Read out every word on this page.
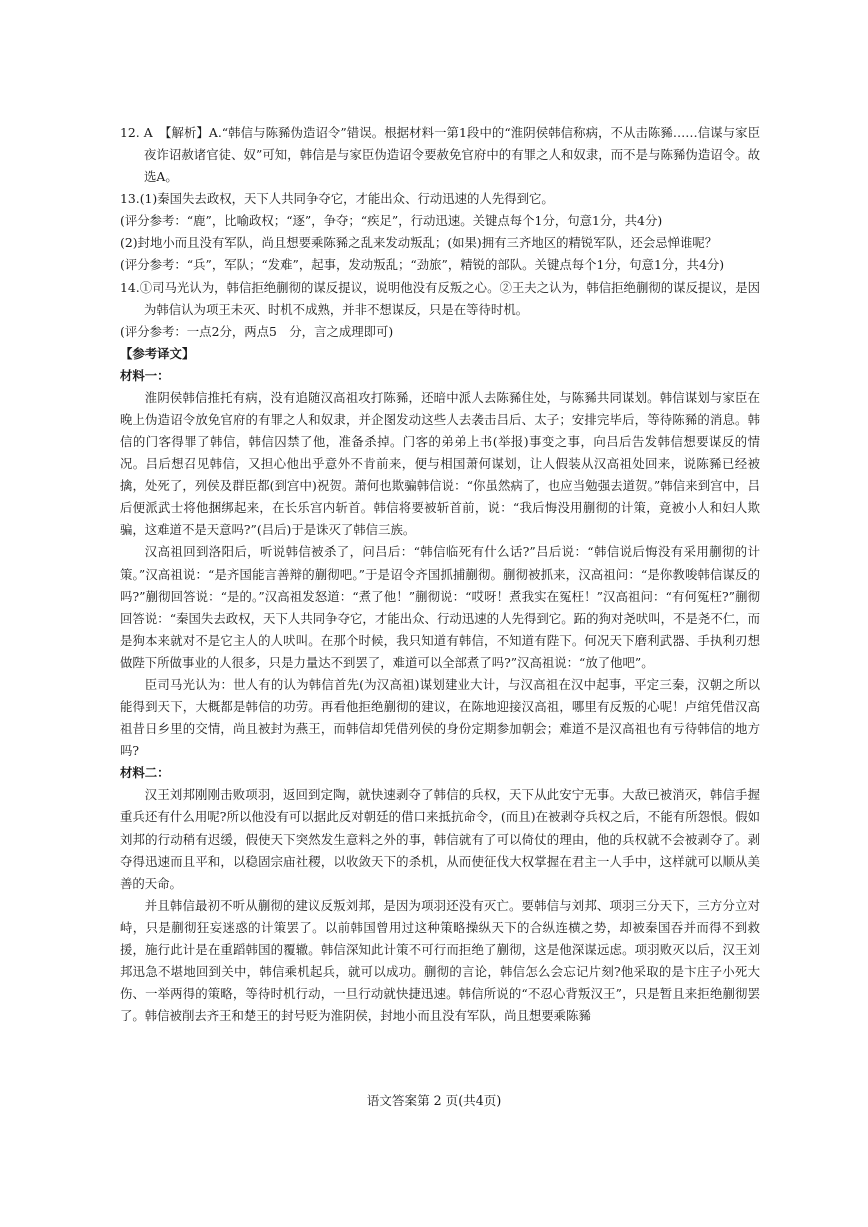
12. A　【解析】A.“韩信与陈豨伪造诏令”错误。根据材料一第1段中的“淮阴侯韩信称病，不从击陈豨……信谋与家臣夜诈诏赦诸官徒、奴”可知，韩信是与家臣伪造诏令要赦免官府中的有罪之人和奴隶，而不是与陈豨伪造诏令。故选A。

13.(1)秦国失去政权，天下人共同争夺它，才能出众、行动迅速的人先得到它。

(评分参考：“鹿”，比喻政权；“逐”，争夺；“疾足”，行动迅速。关键点每个1分，句意1分，共4分)

(2)封地小而且没有军队，尚且想要乘陈豨之乱来发动叛乱；(如果)拥有三齐地区的精锐军队，还会忌惮谁呢？

(评分参考：“兵”，军队；“发难”，起事，发动叛乱；“劲旅”，精锐的部队。关键点每个1分，句意1分，共4分)

14.①司马光认为，韩信拒绝蒯彻的谋反提议，说明他没有反叛之心。②王夫之认为，韩信拒绝蒯彻的谋反提议，是因为韩信认为项王未灭、时机不成熟，并非不想谋反，只是在等待时机。

(评分参考：一点2分，两点5　分，言之成理即可)

【参考译文】

材料一：

淮阴侯韩信推托有病，没有追随汉高祖攻打陈豨，还暗中派人去陈豨住处，与陈豨共同谋划。韩信谋划与家臣在晚上伪造诏令放免官府的有罪之人和奴隶，并企图发动这些人去袭击吕后、太子；安排完毕后，等待陈豨的消息。韩信的门客得罪了韩信，韩信囚禁了他，准备杀掉。门客的弟弟上书(举报)事变之事，向吕后告发韩信想要谋反的情况。吕后想召见韩信，又担心他出乎意外不肯前来，便与相国萧何谋划，让人假装从汉高祖处回来，说陈豨已经被擒，处死了，列侯及群臣都(到宫中)祝贺。萧何也欺骗韩信说：“你虽然病了，也应当勉强去道贺。”韩信来到宫中，吕后便派武士将他捆绑起来，在长乐宫内斩首。韩信将要被斩首前，说：“我后悔没用蒯彻的计策，竟被小人和妇人欺骗，这难道不是天意吗?”(吕后)于是诛灭了韩信三族。

汉高祖回到洛阳后，听说韩信被杀了，问吕后：“韩信临死有什么话?”吕后说：“韩信说后悔没有采用蒯彻的计策。”汉高祖说：“是齐国能言善辩的蒯彻吧。”于是诏令齐国抓捕蒯彻。蒯彻被抓来，汉高祖问：“是你教唆韩信谋反的吗?”蒯彻回答说：“是的。”汉高祖发怒道：“煮了他！”蒯彻说：“哎呀！煮我实在冤枉！”汉高祖问：“有何冤枉?”蒯彻回答说：“秦国失去政权，天下人共同争夺它，才能出众、行动迅速的人先得到它。跖的狗对尧吠叫，不是尧不仁，而是狗本来就对不是它主人的人吠叫。在那个时候，我只知道有韩信，不知道有陛下。何况天下磨利武器、手执利刃想做陛下所做事业的人很多，只是力量达不到罢了，难道可以全部煮了吗?”汉高祖说：“放了他吧”。

臣司马光认为：世人有的认为韩信首先(为汉高祖)谋划建业大计，与汉高祖在汉中起事，平定三秦，汉朝之所以能得到天下，大概都是韩信的功劳。再看他拒绝蒯彻的建议，在陈地迎接汉高祖，哪里有反叛的心呢！卢绾凭借汉高祖昔日乡里的交情，尚且被封为燕王，而韩信却凭借列侯的身份定期参加朝会；难道不是汉高祖也有亏待韩信的地方吗?

材料二：

汉王刘邦刚刚击败项羽，返回到定陶，就快速剥夺了韩信的兵权，天下从此安宁无事。大敌已被消灭，韩信手握重兵还有什么用呢?所以他没有可以据此反对朝廷的借口来抵抗命令，(而且)在被剥夺兵权之后，不能有所怨恨。假如刘邦的行动稍有迟缓，假使天下突然发生意料之外的事，韩信就有了可以倚仗的理由，他的兵权就不会被剥夺了。剥夺得迅速而且平和，以稳固宗庙社稷，以收敛天下的杀机，从而使征伐大权掌握在君主一人手中，这样就可以顺从美善的天命。

并且韩信最初不听从蒯彻的建议反叛刘邦，是因为项羽还没有灭亡。要韩信与刘邦、项羽三分天下，三方分立对峙，只是蒯彻狂妄迷惑的计策罢了。以前韩国曾用过这种策略操纵天下的合纵连横之势，却被秦国吞并而得不到救援，施行此计是在重蹈韩国的覆辙。韩信深知此计策不可行而拒绝了蒯彻，这是他深谋远虑。项羽败灭以后，汉王刘邦迅急不堪地回到关中，韩信乘机起兵，就可以成功。蒯彻的言论，韩信怎么会忘记片刻?他采取的是卞庄子小死大伤、一举两得的策略，等待时机行动，一旦行动就快捷迅速。韩信所说的“不忍心背叛汉王”，只是暂且来拒绝蒯彻罢了。韩信被削去齐王和楚王的封号贬为淮阴侯，封地小而且没有军队，尚且想要乘陈豨

语文答案第 2 页(共4页)
